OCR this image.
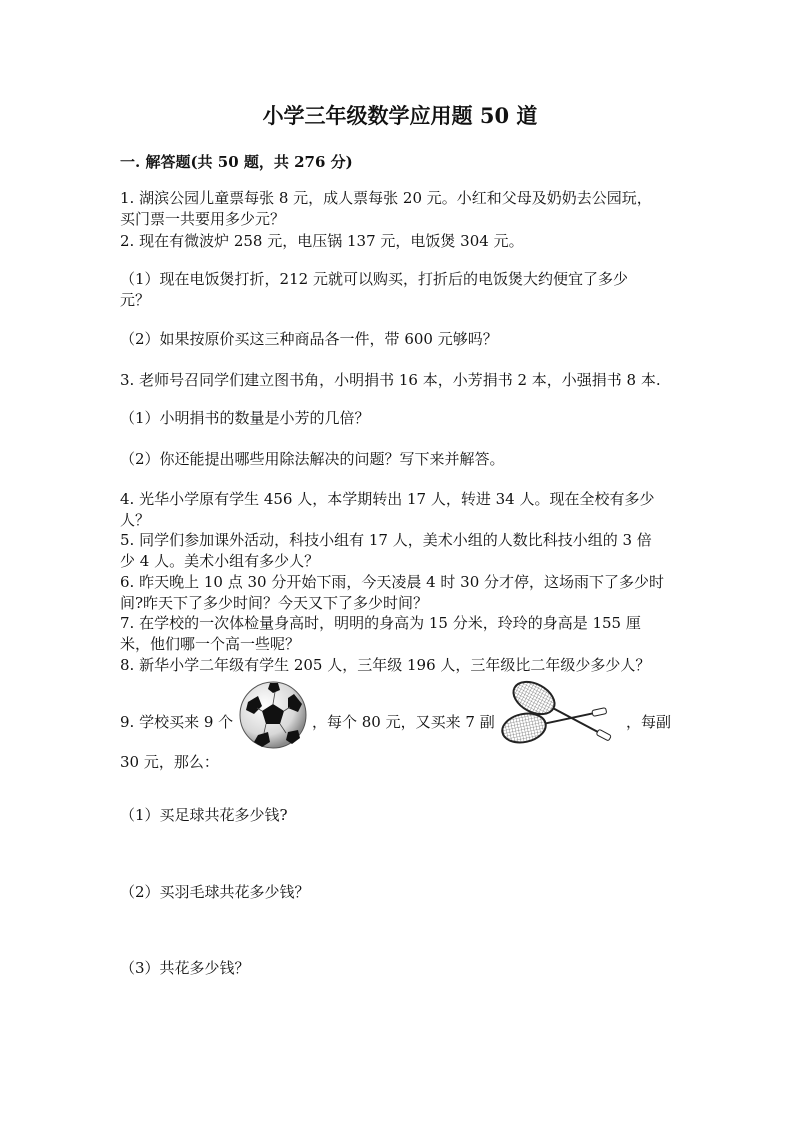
小学三年级数学应用题 50 道
一. 解答题(共 50 题，共 276 分)
1. 湖滨公园儿童票每张 8 元，成人票每张 20 元。小红和父母及奶奶去公园玩，
买门票一共要用多少元？
2. 现在有微波炉 258 元，电压锅 137 元，电饭煲 304 元。
（1）现在电饭煲打折，212 元就可以购买，打折后的电饭煲大约便宜了多少
元？
（2）如果按原价买这三种商品各一件，带 600 元够吗？
3. 老师号召同学们建立图书角，小明捐书 16 本，小芳捐书 2 本，小强捐书 8 本.
（1）小明捐书的数量是小芳的几倍？
（2）你还能提出哪些用除法解决的问题？写下来并解答。
4. 光华小学原有学生 456 人，本学期转出 17 人，转进 34 人。现在全校有多少
人？
5. 同学们参加课外活动，科技小组有 17 人，美术小组的人数比科技小组的 3 倍
少 4 人。美术小组有多少人？
6. 昨天晚上 10 点 30 分开始下雨，今天凌晨 4 时 30 分才停，这场雨下了多少时
间?昨天下了多少时间？今天又下了多少时间？
7. 在学校的一次体检量身高时，明明的身高为 15 分米，玲玲的身高是 155 厘
米，他们哪一个高一些呢？
8. 新华小学二年级有学生 205 人，三年级 196 人，三年级比二年级少多少人？
9. 学校买来 9 个	，每个 80 元，又买来 7 副	，每副
30 元，那么：
（1）买足球共花多少钱?
（2）买羽毛球共花多少钱？
（3）共花多少钱？
